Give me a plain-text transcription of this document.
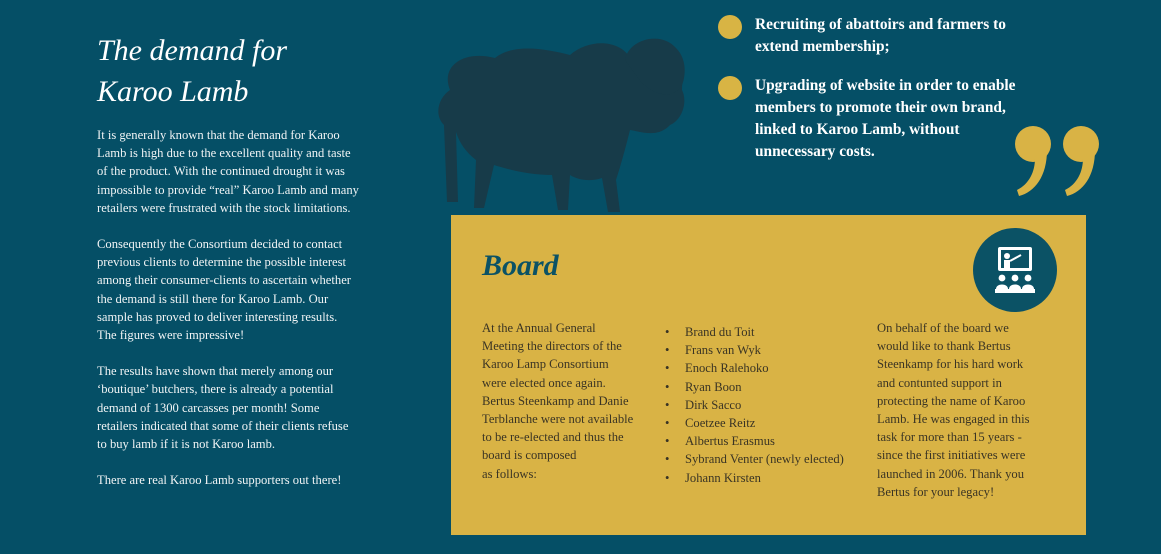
The demand for
Karoo Lamb

It is generally known that the demand for Karoo
Lamb is high due to the excellent quality and taste
of the product. With the continued drought it was
impossible to provide “real” Karoo Lamb and many
retailers were frustrated with the stock limitations.

Consequently the Consortium decided to contact
previous clients to determine the possible interest
among their consumer-clients to ascertain whether
the demand is still there for Karoo Lamb. Our
sample has proved to deliver interesting results.
The figures were impressive!

The results have shown that merely among our
‘boutique’ butchers, there is already a potential
demand of 1300 carcasses per month! Some
retailers indicated that some of their clients refuse
to buy lamb if it is not Karoo lamb.

There are real Karoo Lamb supporters out there!

Recruiting of abattoirs and farmers to
extend membership;
Upgrading of website in order to enable
members to promote their own brand,
linked to Karoo Lamb, without
unnecessary costs.
Board
At the Annual General
Meeting the directors of the
Karoo Lamp Consortium
were elected once again.
Bertus Steenkamp and Danie
Terblanche were not available
to be re-elected and thus the
board is composed
as follows:
• Brand du Toit
• Frans van Wyk
• Enoch Ralehoko
• Ryan Boon
• Dirk Sacco
• Coetzee Reitz
• Albertus Erasmus
• Sybrand Venter (newly elected)
• Johann Kirsten
On behalf of the board we
would like to thank Bertus
Steenkamp for his hard work
and contunted support in
protecting the name of Karoo
Lamb. He was engaged in this
task for more than 15 years -
since the first initiatives were
launched in 2006. Thank you
Bertus for your legacy!
